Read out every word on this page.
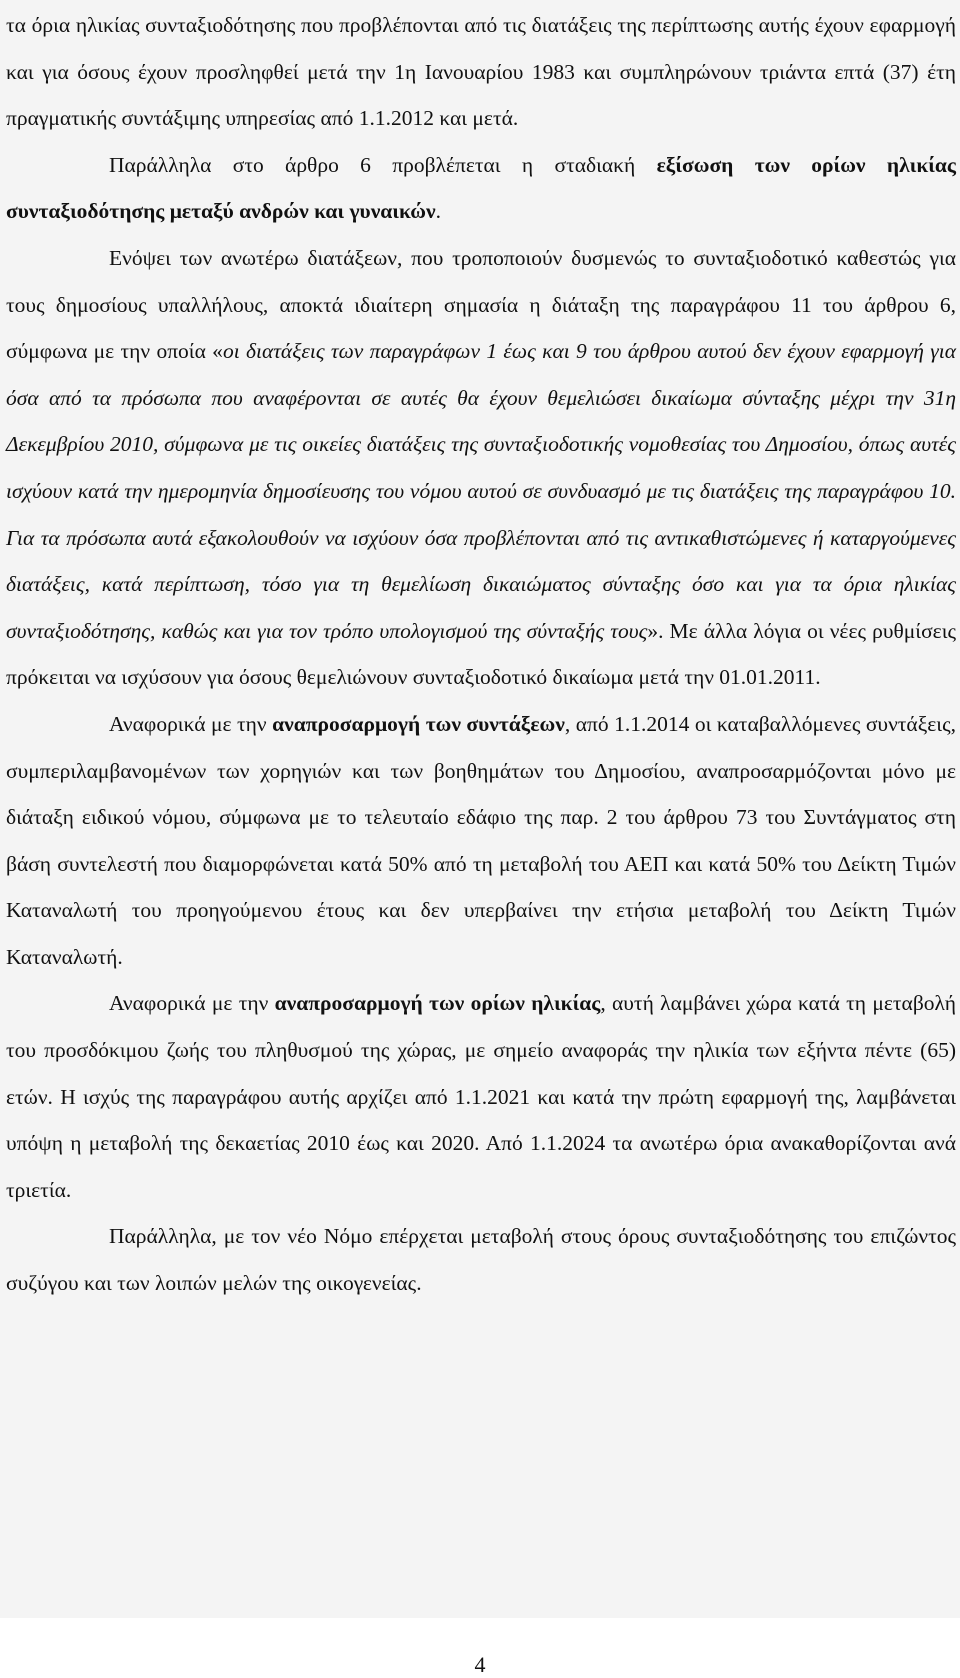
τα όρια ηλικίας συνταξιοδότησης που προβλέπονται από τις διατάξεις της περίπτωσης αυτής έχουν εφαρμογή και για όσους έχουν προσληφθεί μετά την 1η Ιανουαρίου 1983 και συμπληρώνουν τριάντα επτά (37) έτη πραγματικής συντάξιμης υπηρεσίας από 1.1.2012 και μετά.

Παράλληλα στο άρθρο 6 προβλέπεται η σταδιακή εξίσωση των ορίων ηλικίας συνταξιοδότησης μεταξύ ανδρών και γυναικών.

Ενόψει των ανωτέρω διατάξεων, που τροποποιούν δυσμενώς το συνταξιοδοτικό καθεστώς για τους δημοσίους υπαλλήλους, αποκτά ιδιαίτερη σημασία η διάταξη της παραγράφου 11 του άρθρου 6, σύμφωνα με την οποία «οι διατάξεις των παραγράφων 1 έως και 9 του άρθρου αυτού δεν έχουν εφαρμογή για όσα από τα πρόσωπα που αναφέρονται σε αυτές θα έχουν θεμελιώσει δικαίωμα σύνταξης μέχρι την 31η Δεκεμβρίου 2010, σύμφωνα με τις οικείες διατάξεις της συνταξιοδοτικής νομοθεσίας του Δημοσίου, όπως αυτές ισχύουν κατά την ημερομηνία δημοσίευσης του νόμου αυτού σε συνδυασμό με τις διατάξεις της παραγράφου 10. Για τα πρόσωπα αυτά εξακολουθούν να ισχύουν όσα προβλέπονται από τις αντικαθιστώμενες ή καταργούμενες διατάξεις, κατά περίπτωση, τόσο για τη θεμελίωση δικαιώματος σύνταξης όσο και για τα όρια ηλικίας συνταξιοδότησης, καθώς και για τον τρόπο υπολογισμού της σύνταξής τους». Με άλλα λόγια οι νέες ρυθμίσεις πρόκειται να ισχύσουν για όσους θεμελιώνουν συνταξιοδοτικό δικαίωμα μετά την 01.01.2011.

Αναφορικά με την αναπροσαρμογή των συντάξεων, από 1.1.2014 οι καταβαλλόμενες συντάξεις, συμπεριλαμβανομένων των χορηγιών και των βοηθημάτων του Δημοσίου, αναπροσαρμόζονται μόνο με διάταξη ειδικού νόμου, σύμφωνα με το τελευταίο εδάφιο της παρ. 2 του άρθρου 73 του Συντάγματος στη βάση συντελεστή που διαμορφώνεται κατά 50% από τη μεταβολή του ΑΕΠ και κατά 50% του Δείκτη Τιμών Καταναλωτή του προηγούμενου έτους και δεν υπερβαίνει την ετήσια μεταβολή του Δείκτη Τιμών Καταναλωτή.

Αναφορικά με την αναπροσαρμογή των ορίων ηλικίας, αυτή λαμβάνει χώρα κατά τη μεταβολή του προσδόκιμου ζωής του πληθυσμού της χώρας, με σημείο αναφοράς την ηλικία των εξήντα πέντε (65) ετών. Η ισχύς της παραγράφου αυτής αρχίζει από 1.1.2021 και κατά την πρώτη εφαρμογή της, λαμβάνεται υπόψη η μεταβολή της δεκαετίας 2010 έως και 2020. Από 1.1.2024 τα ανωτέρω όρια ανακαθορίζονται ανά τριετία.

Παράλληλα, με τον νέο Νόμο επέρχεται μεταβολή στους όρους συνταξιοδότησης του επιζώντος συζύγου και των λοιπών μελών της οικογενείας.

4
